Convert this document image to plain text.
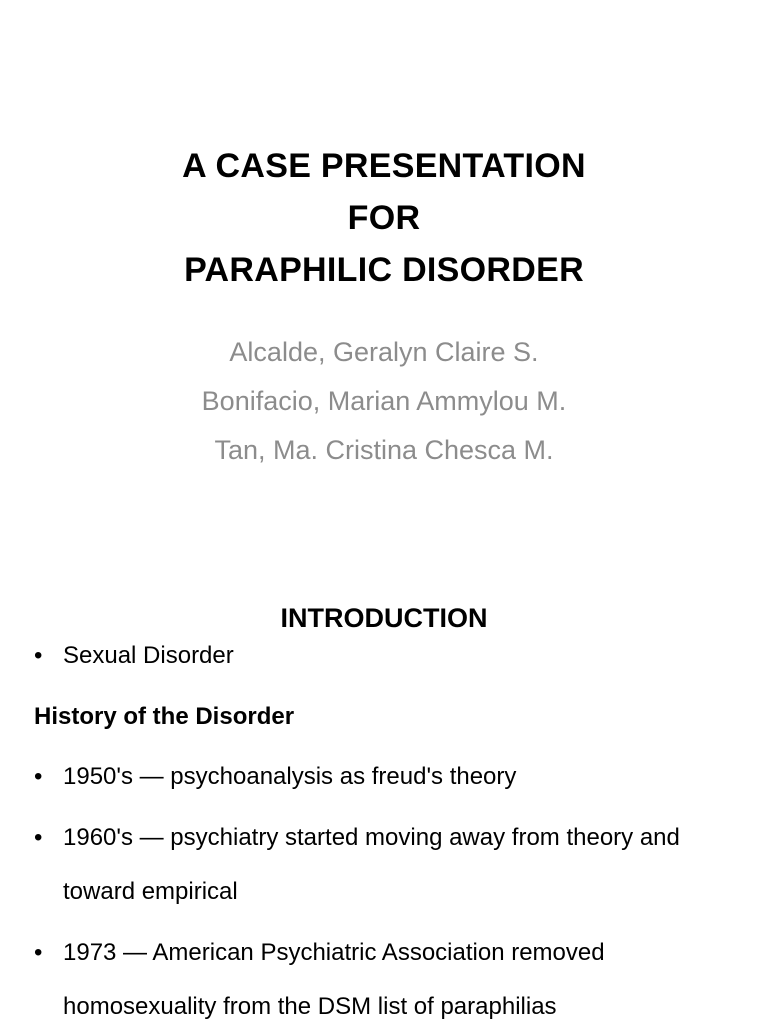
A CASE PRESENTATION
FOR
PARAPHILIC DISORDER
Alcalde, Geralyn Claire S.
Bonifacio, Marian Ammylou M.
Tan, Ma. Cristina Chesca M.
INTRODUCTION
• Sexual Disorder
History of the Disorder
• 1950's — psychoanalysis as freud's theory
• 1960's — psychiatry started moving away from theory and toward empirical
• 1973 — American Psychiatric Association removed homosexuality from the DSM list of paraphilias
